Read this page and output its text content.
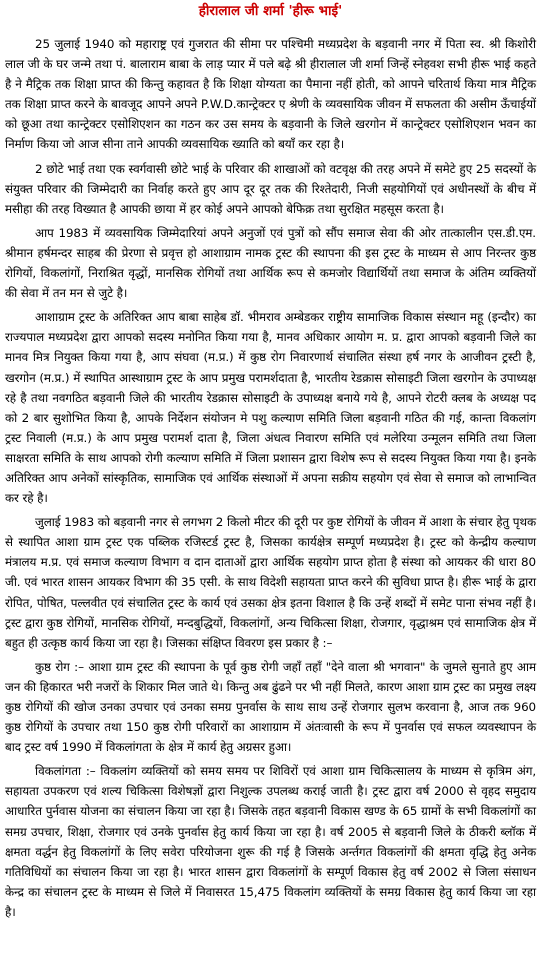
हीरालाल जी शर्मा 'हीरू भाई'

25 जुलाई 1940 को महाराष्ट्र एवं गुजरात की सीमा पर पश्चिमी मध्यप्रदेश के बड़वानी नगर में पिता स्व. श्री किशोरी लाल जी के घर जन्मे तथा पं. बालाराम बाबा के लाड़ प्यार में पले बढ़े श्री हीरालाल जी शर्मा जिन्हें स्नेहवश सभी हीरू भाई कहते है ने मैट्रिक तक शिक्षा प्राप्त की किन्तु कहावत है कि शिक्षा योग्यता का पैमाना नहीं होती, को आपने चरितार्थ किया मात्र मैट्रिक तक शिक्षा प्राप्त करने के बावजूद आपने अपने P.W.D.कान्ट्रेक्टर ए श्रेणी के व्यवसायिक जीवन में सफलता की असीम ऊँचाईयों को छूआ तथा कान्ट्रेक्टर एसोशिएशन का गठन कर उस समय के बड़वानी के जिले खरगोन में कान्ट्रेक्टर एसोशिएशन भवन का निर्माण किया जो आज सीना ताने आपकी व्यवसायिक ख्याति को बयॉं कर रहा है।

2 छोटे भाई तथा एक स्वर्गवासी छोटे भाई के परिवार की शाखाओं को वटवृक्ष की तरह अपने में समेटे हुए 25 सदस्यों के संयुक्त परिवार की जिम्मेदारी का निर्वाह करते हुए आप दूर दूर तक की रिश्तेदारी, निजी सहयोगियों एवं अधीनस्थों के बीच में मसीहा की तरह विख्यात है आपकी छाया में हर कोई अपने आपको बेफिक्र तथा सुरक्षित महसूस करता है।

आप 1983 में व्यवसायिक जिम्मेदारियां अपने अनुजों एवं पुत्रों को सौंप समाज सेवा की ओर तात्कालीन एस.डी.एम. श्रीमान हर्षमन्दर साहब की प्रेरणा से प्रवृत्त हो आशाग्राम नामक ट्रस्ट की स्थापना की इस ट्रस्ट के माध्यम से आप निरन्तर कुष्ठ रोगियों, विकलांगों, निराश्रित वृद्धों, मानसिक रोगियों तथा आर्थिक रूप से कमजोर विद्यार्थियों तथा समाज के अंतिम व्यक्तियों की सेवा में तन मन से जुटे है।

आशाग्राम ट्रस्ट के अतिरिक्त आप बाबा साहेब डॉ. भीमराव अम्बेडकर राष्ट्रीय सामाजिक विकास संस्थान महू (इन्दौर) का राज्यपाल मध्यप्रदेश द्वारा आपको सदस्य मनोनित किया गया है, मानव अधिकार आयोग म. प्र. द्वारा आपको बड़वानी जिले का मानव मित्र नियुक्त किया गया है, आप संघवा (म.प्र.) में कुष्ठ रोग निवारणार्थ संचालित संस्था हर्ष नगर के आजीवन ट्रस्टी है, खरगोन (म.प्र.) में स्थापित आस्थाग्राम ट्रस्ट के आप प्रमुख परामर्शदाता है, भारतीय रेडक्रास सोसाइटी जिला खरगोन के उपाध्यक्ष रहे है तथा नवगठित बड़वानी जिले की भारतीय रेडक्रास सोसाइटी के उपाध्यक्ष बनाये गये है, आपने रोटरी क्लब के अध्यक्ष पद को 2 बार सुशोभित किया है, आपके निर्देशन संयोजन मे पशु कल्याण समिति जिला बड़वानी गठित की गई, कान्ता विकलांग ट्रस्ट निवाली (म.प्र.) के आप प्रमुख परामर्श दाता है, जिला अंधत्व निवारण समिति एवं मलेरिया उन्मूलन समिति तथा जिला साक्षरता समिति के साथ आपको रोगी कल्याण समिति में जिला प्रशासन द्वारा विशेष रूप से सदस्य नियुक्त किया गया है। इनके अतिरिक्त आप अनेकों सांस्कृतिक, सामाजिक एवं आर्थिक संस्थाओं में अपना सक्रीय सहयोग एवं सेवा से समाज को लाभान्वित कर रहे है।

जुलाई 1983 को बड़वानी नगर से लगभग 2 किलो मीटर की दूरी पर कुष्ट रोगियों के जीवन में आशा के संचार हेतु पृथक से स्थापित आशा ग्राम ट्रस्ट एक पब्लिक रजिस्टर्ड ट्रस्ट है, जिसका कार्यक्षेत्र सम्पूर्ण मध्यप्रदेश है। ट्रस्ट को केन्द्रीय कल्याण मंत्रालय म.प्र. एवं समाज कल्याण विभाग व दान दाताओं द्वारा आर्थिक सहयोग प्राप्त होता है संस्था को आयकर की धारा 80 जी. एवं भारत शासन आयकर विभाग की 35 एसी. के साथ विदेशी सहायता प्राप्त करने की सुविधा प्राप्त है। हीरू भाई के द्वारा रोपित, पोषित, पल्लवीत एवं संचालित ट्रस्ट के कार्य एवं उसका क्षेत्र इतना विशाल है कि उन्हें शब्दों में समेट पाना संभव नहीं है। ट्रस्ट द्वारा कुष्ठ रोगियों, मानसिक रोगियों, मन्दबुद्धियों, विकलांगों, अन्य चिकित्सा शिक्षा, रोजगार, वृद्धाश्रम एवं सामाजिक क्षेत्र में बहुत ही उत्कृष्ठ कार्य किया जा रहा है। जिसका संक्षिप्त विवरण इस प्रकार है :–

कुष्ठ रोग :– आशा ग्राम ट्रस्ट की स्थापना के पूर्व कुष्ठ रोगी जहाँ तहाँ "देने वाला श्री भगवान" के जुमले सुनाते हुए आम जन की हिकारत भरी नजरों के शिकार मिल जाते थे। किन्तु अब ढुंढने पर भी नहीं मिलते, कारण आशा ग्राम ट्रस्ट का प्रमुख लक्ष्य कुष्ठ रोगियों की खोज उनका उपचार एवं उनका समग्र पुनर्वास के साथ साथ उन्हें रोजगार सुलभ करवाना है, आज तक 960 कुष्ठ रोगियों के उपचार तथा 150 कुष्ठ रोगी परिवारों का आशाग्राम में अंतःवासी के रूप में पुनर्वास एवं सफल व्यवस्थापन के बाद ट्रस्ट वर्ष 1990 में विकलांगता के क्षेत्र में कार्य हेतु अग्रसर हुआ।

विकलांगता :– विकलांग व्यक्तियों को समय समय पर शिविरों एवं आशा ग्राम चिकित्सालय के माध्यम से कृत्रिम अंग, सहायता उपकरण एवं शल्य चिकित्सा विशेषज्ञों द्वारा निशुल्क उपलब्ध कराई जाती है। ट्रस्ट द्वारा वर्ष 2000 से वृहद समुदाय आधारित पुर्नवास योजना का संचालन किया जा रहा है। जिसके तहत बड़वानी विकास खण्ड के 65 ग्रामों के सभी विकलांगों का समग्र उपचार, शिक्षा, रोजगार एवं उनके पुनर्वास हेतु कार्य किया जा रहा है। वर्ष 2005 से बड़वानी जिले के ठीकरी ब्लॉक में क्षमता वर्द्धन हेतु विकलांगों के लिए सवेरा परियोजना शुरू की गई है जिसके अर्न्तगत विकलांगों की क्षमता वृद्धि हेतु अनेक गतिविधियों का संचालन किया जा रहा है। भारत शासन द्वारा विकलांगों के सम्पूर्ण विकास हेतु वर्ष 2002 से जिला संसाधन केन्द्र का संचालन ट्रस्ट के माध्यम से जिले में निवासरत 15,475 विकलांग व्यक्तियों के समग्र विकास हेतु कार्य किया जा रहा है।
